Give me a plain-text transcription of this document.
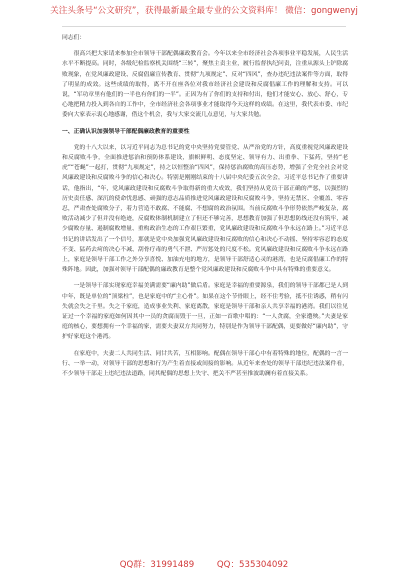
关注头条号“公文研究”，获得最新最全最专业的公文资料库！ 微信：gongwenyj

同志们：

很高兴把大家请来参加全市领导干部配偶廉政教育会。今年以来全市经济社会各项事业平稳发展，人民生活水平不断提高。同时，各级纪检监察机关围绕“三转”，聚焦主责主业，履行监督执纪问责，注重从源头上铲除腐败现象，在党风廉政建设、反腐倡廉宣传教育、贯彻“九项规定”、反对“四风”，查办违纪违法案件等方面，取得了明显的成效。这些成绩的取得，离不开在座各位对我市经济社会建设和反腐倡廉工作的理解和支持。可以说，“军功章里有他们的一半也有你们的一半”。正因为有了你们的支持和付出，他们才能安心、放心、舒心，专心地把精力投入到各自的工作中，全市经济社会各项事业才能取得今天这样的成绩。在这里，我代表市委、市纪委向大家表示衷心地感谢，借这个机会，我与大家交流几点意见，与大家共勉。

一、正确认识加强领导干部配偶廉政教育的重要性

党的十八大以来，以习近平同志为总书记的党中央坚持党要管党、从严治党的方针，高度重视党风廉政建设和反腐败斗争，全面推进惩治和预防体系建设，旗帜鲜明、态度坚定、领导有力、出重拳、下猛药，坚持“老虎”“苍蝇”一起打，贯彻“九项规定”，持之以恒整治“四风”，保持惩治腐败的高压态势，增强了全党全社会对党风廉政建设和反腐败斗争的信心和决心。特别是刚刚结束的十八届中央纪委五次全会，习近平总书记作了重要讲话，他指出，“年，党风廉政建设和反腐败斗争取得新的重大成效，我们坚持从党员干部正确的严惩，以强烈的历史责任感、深沉的使命忧患感、顽强的意志品质推进党风廉政建设和反腐败斗争，坚持无禁区、全覆盖、零容忍，严肃查处腐败分子，着力营造不敢腐、不能腐、不想腐的政治氛围。当前反腐败斗争形势依然严峻复杂，腐败活动减少了但并没有绝迹，反腐败体制机制建立了但还不够完善，思想教育加强了但思想防线还没有筑牢，减少腐败存量、遏制腐败增量、重构政治生态的工作艰巨繁重，党风廉政建设和反腐败斗争永远在路上。”习近平总书记的讲话发出了一个信号，那就是党中央加强党风廉政建设和反腐败的信心和决心不动摇、坚持零容忍的态度不变、猛药去疴的决心不减、刮骨疗毒的勇气不泄、严厉惩处的尺度不松。党风廉政建设和反腐败斗争永远在路上，家庭是领导干部工作之外分享喜悦、加油充电的地方，是领导干部舒适心灵的港湾，也是反腐倡廉工作的特殊阵地。因此，加强对领导干部配偶的廉政教育是整个党风廉政建设和反腐败斗争中具有特殊的重要意义。

一是领导干部实现家庭幸福美满需要“廉内助”做后盾。家庭是幸福的重要源泉，我们的领导干部都已是人到中年，既是单位的“顶梁柱”，也是家庭中的“主心骨”。如果在这个节骨眼上，经不住考验，抵不住诱惑，稍有闪失就会失之千里。失之千家庭，造成事业失利、家庭离散，家庭是领导干部和亲人共享幸福的港湾。我们以往见证过一个幸福的家庭如何因其中一员的贪腐而毁于一旦，正如一首歌中唱的：“一人贪腐，全家遭殃。”夫妻是家庭的核心，要想拥有一个幸福的家，需要夫妻双方共同努力，特别是作为领导干部配偶，更要做好“廉内助”，守护好家庭这个港湾。

在家庭中，夫妻二人共同生活、同甘共苦，互相影响。配偶在领导干部心中有着特殊的地位，配偶的一言一行、一举一动，对领导干部的思想和行为产生着直接或间接的影响。从近年来查处的领导干部违纪违法案件看，不少领导干部走上违纪违法道路，同其配偶的思想上失守、把关不严甚至推波助澜有着直接关系。

QQ群：31991489	QQ：535304092
